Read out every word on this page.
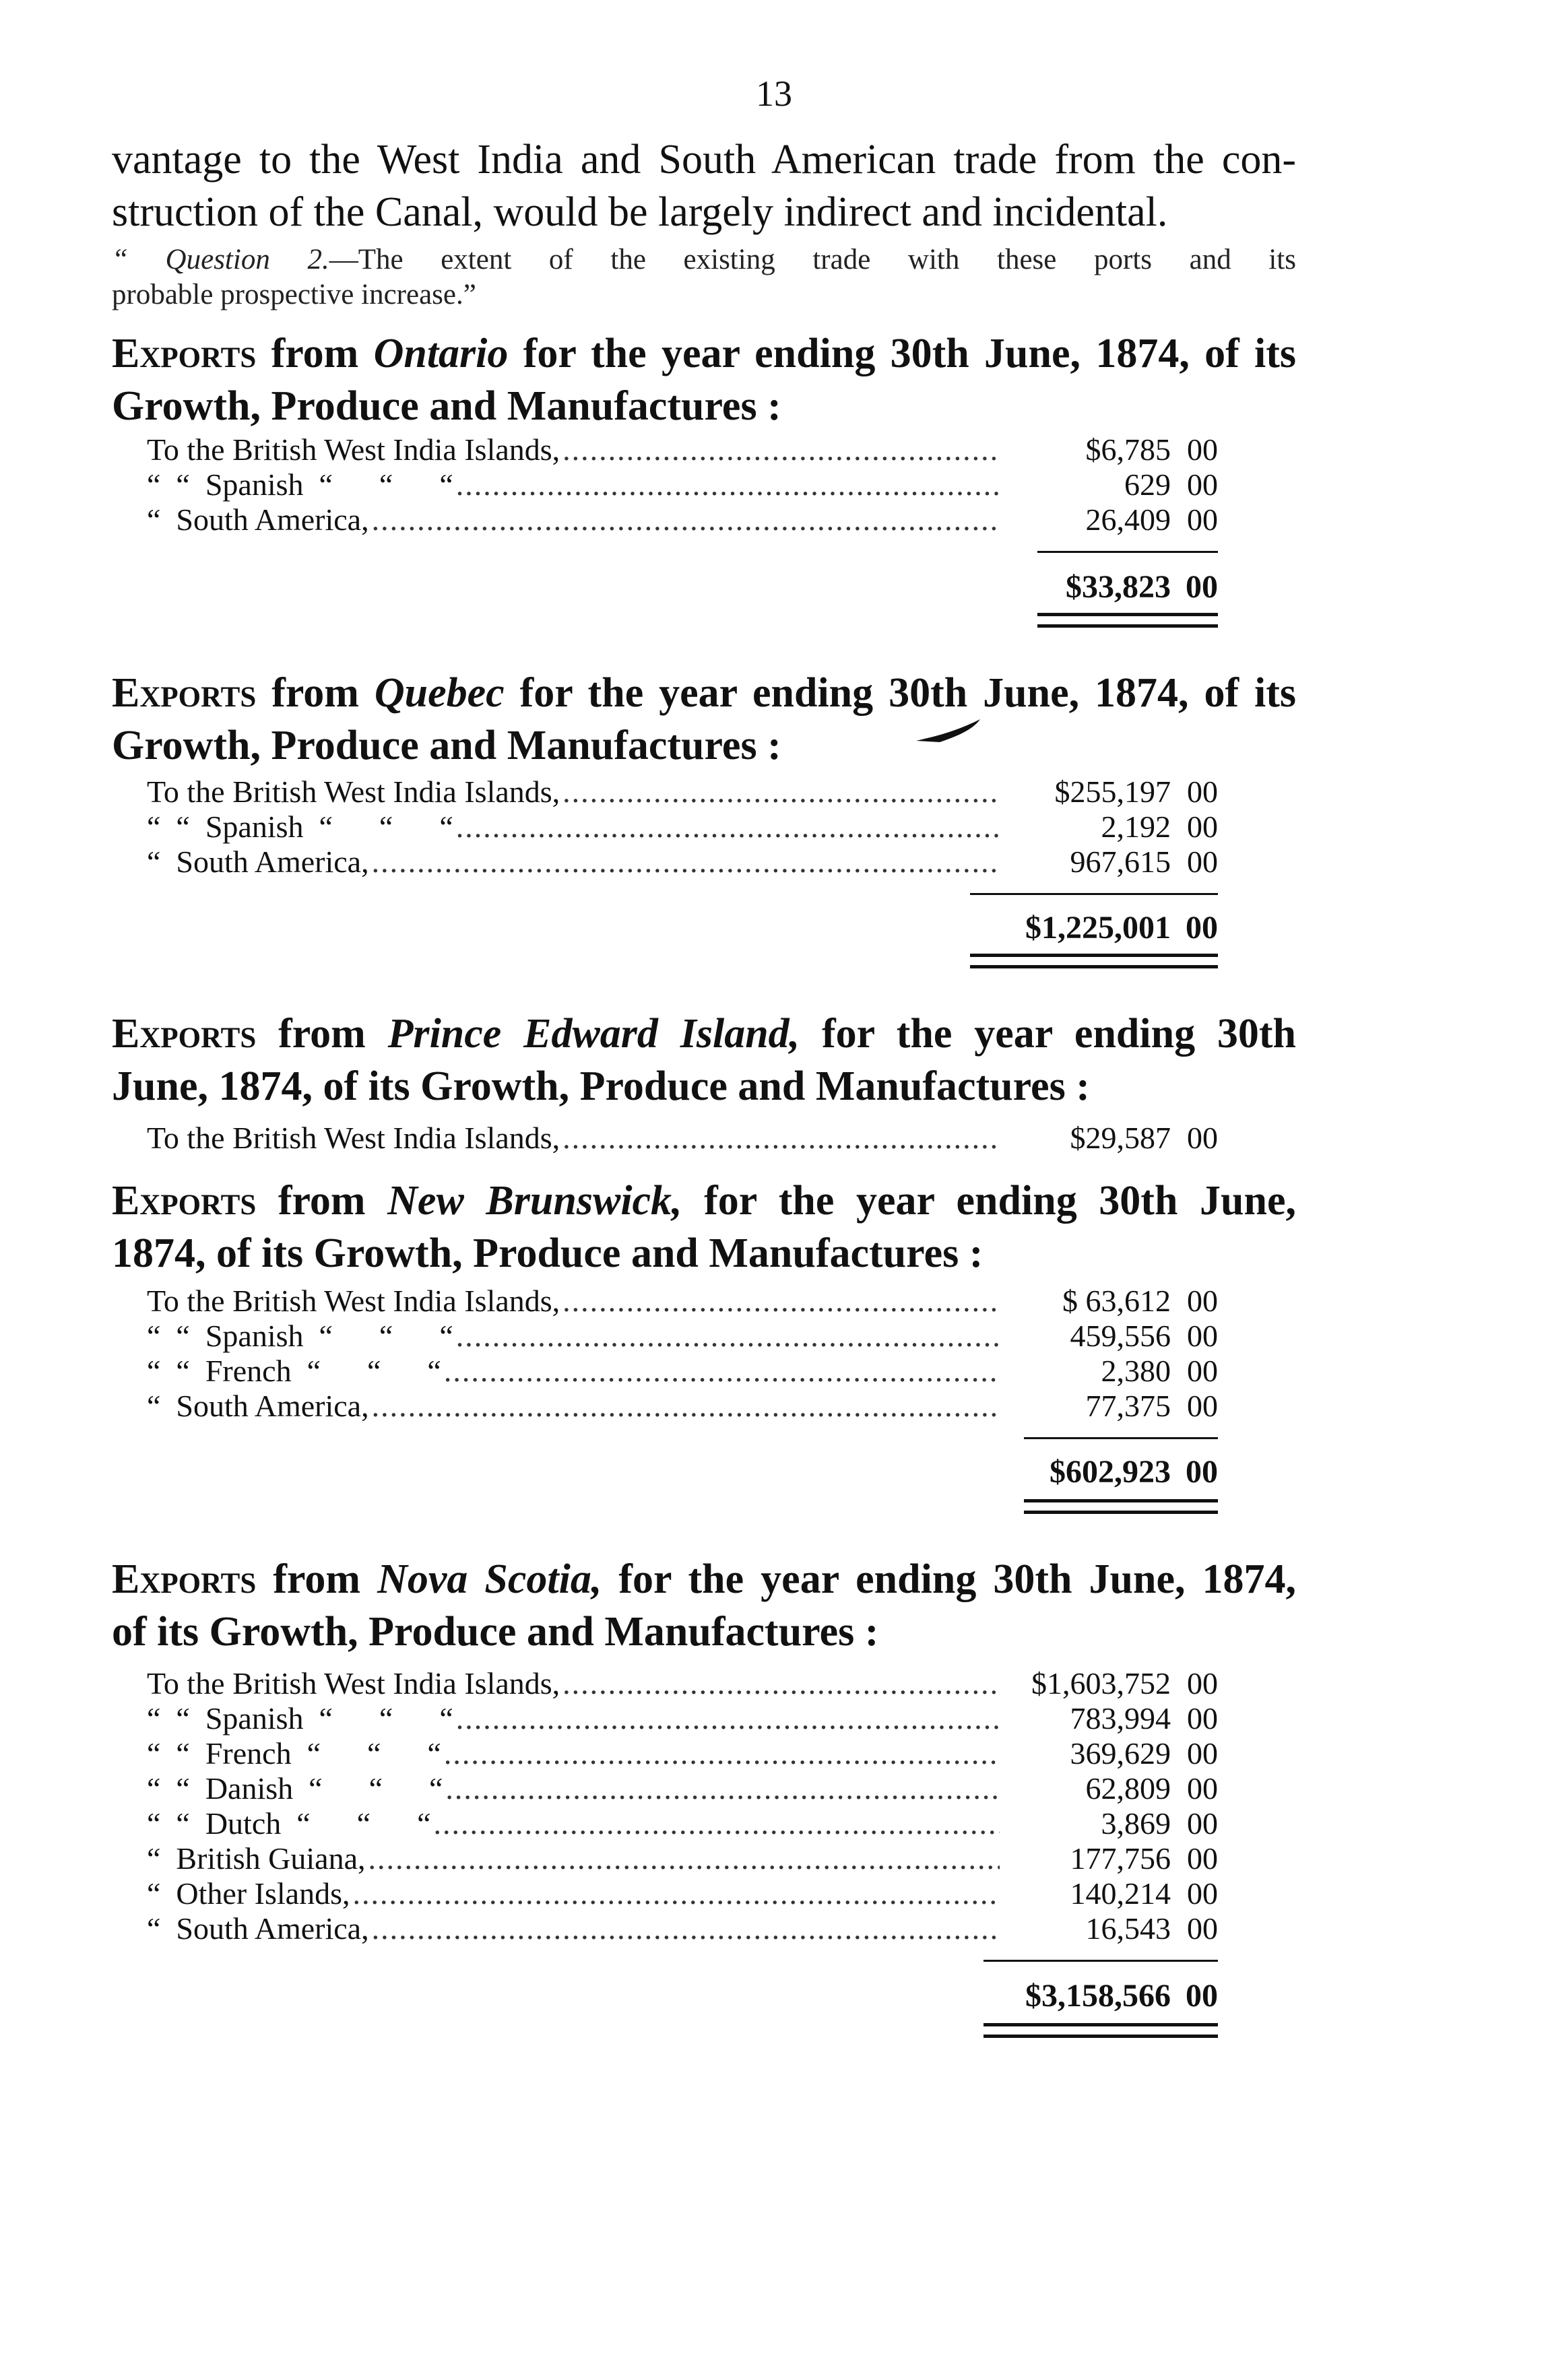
13
vantage to the West India and South American trade from the con-
struction of the Canal, would be largely indirect and incidental.
“ Question 2.—The extent of the existing trade with these ports and its
probable prospective increase.”
Exports from Ontario for the year ending 30th June, 1874, of its
Growth, Produce and Manufactures :
To the British West India Islands, .....	$6,785 00
“  “  Spanish  “      “      “ .....	629 00
“  South America, .....	26,409 00
$33,823 00
Exports from Quebec for the year ending 30th June, 1874, of its
Growth, Produce and Manufactures :
To the British West India Islands, .....	$255,197 00
“  “  Spanish  “      “      “ .....	2,192 00
“  South America, .....	967,615 00
$1,225,001 00
Exports from Prince Edward Island, for the year ending 30th
June, 1874, of its Growth, Produce and Manufactures :
To the British West India Islands, .....	$29,587 00
Exports from New Brunswick, for the year ending 30th June,
1874, of its Growth, Produce and Manufactures :
To the British West India Islands, .....	$ 63,612 00
“  “  Spanish  “      “      “ .....	459,556 00
“  “  French  “      “      “ .....	2,380 00
“  South America, .....	77,375 00
$602,923 00
Exports from Nova Scotia, for the year ending 30th June, 1874,
of its Growth, Produce and Manufactures :
To the British West India Islands, .....	$1,603,752 00
“  “  Spanish  “      “      “ .....	783,994 00
“  “  French  “      “      “ .....	369,629 00
“  “  Danish  “      “      “ .....	62,809 00
“  “  Dutch  “      “      “ .....	3,869 00
“  British Guiana, .....	177,756 00
“  Other Islands, .....	140,214 00
“  South America, .....	16,543 00
$3,158,566 00
